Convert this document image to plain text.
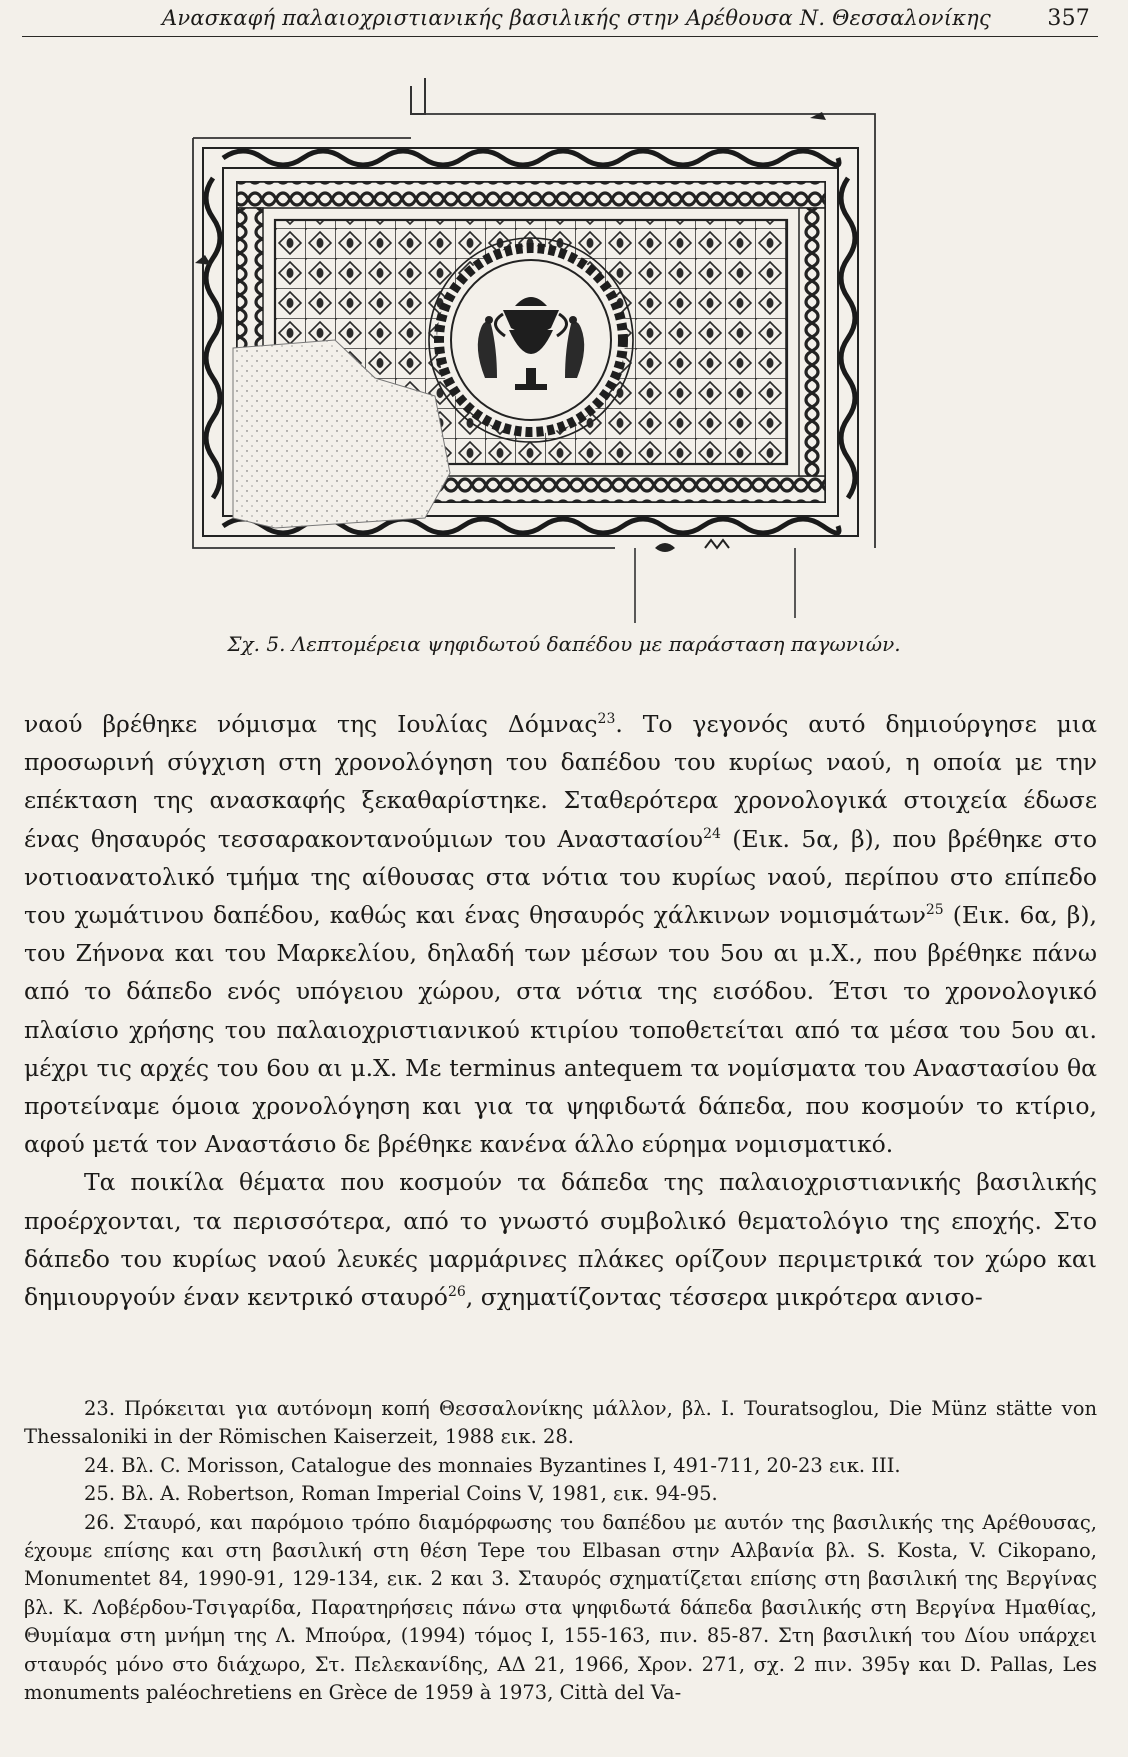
Ανασκαφή παλαιοχριστιανικής βασιλικής στην Αρέθουσα Ν. Θεσσαλονίκης	357
Σχ. 5. Λεπτομέρεια ψηφιδωτού δαπέδου με παράσταση παγωνιών.

ναού βρέθηκε νόμισμα της Ιουλίας Δόμνας$^{23}$. Το γεγονός αυτό δημιούργησε μια προσωρινή σύγχιση στη χρονολόγηση του δαπέδου του κυρίως ναού, η οποία με την επέκταση της ανασκαφής ξεκαθαρίστηκε. Σταθερότερα χρονολογικά στοιχεία έδωσε ένας θησαυρός τεσσαρακοντανούμιων του Αναστασίου$^{24}$ (Εικ. 5α, β), που βρέθηκε στο νοτιοανατολικό τμήμα της αίθουσας στα νότια του κυρίως ναού, περίπου στο επίπεδο του χωμάτινου δαπέδου, καθώς και ένας θησαυρός χάλκινων νομισμάτων$^{25}$ (Εικ. 6α, β), του Ζήνονα και του Μαρκελίου, δηλαδή των μέσων του 5ου αι μ.Χ., που βρέθηκε πάνω από το δάπεδο ενός υπόγειου χώρου, στα νότια της εισόδου. Έτσι το χρονολογικό πλαίσιο χρήσης του παλαιοχριστιανικού κτιρίου τοποθετείται από τα μέσα του 5ου αι. μέχρι τις αρχές του 6ου αι μ.Χ. Με terminus antequem τα νομίσματα του Αναστασίου θα προτείναμε όμοια χρονολόγηση και για τα ψηφιδωτά δάπεδα, που κοσμούν το κτίριο, αφού μετά τον Αναστάσιο δε βρέθηκε κανένα άλλο εύρημα νομισματικό.

Τα ποικίλα θέματα που κοσμούν τα δάπεδα της παλαιοχριστιανικής βασιλικής προέρχονται, τα περισσότερα, από το γνωστό συμβολικό θεματολόγιο της εποχής. Στο δάπεδο του κυρίως ναού λευκές μαρμάρινες πλάκες ορίζουν περιμετρικά τον χώρο και δημιουργούν έναν κεντρικό σταυρό$^{26}$, σχηματίζοντας τέσσερα μικρότερα ανισο-

23. Πρόκειται για αυτόνομη κοπή Θεσσαλονίκης μάλλον, βλ. I. Touratsoglou, Die Münz stätte von Thessaloniki in der Römischen Kaiserzeit, 1988 εικ. 28.

24. Βλ. C. Morisson, Catalogue des monnaies Byzantines I, 491-711, 20-23 εικ. III.

25. Βλ. A. Robertson, Roman Imperial Coins V, 1981, εικ. 94-95.

26. Σταυρό, και παρόμοιο τρόπο διαμόρφωσης του δαπέδου με αυτόν της βασιλικής της Αρέθουσας, έχουμε επίσης και στη βασιλική στη θέση Tepe του Elbasan στην Αλβανία βλ. S. Kosta, V. Cikopano, Monumentet 84, 1990-91, 129-134, εικ. 2 και 3. Σταυρός σχηματίζεται επίσης στη βασιλική της Βεργίνας βλ. Κ. Λοβέρδου-Τσιγαρίδα, Παρατηρήσεις πάνω στα ψηφιδωτά δάπεδα βασιλικής στη Βεργίνα Ημαθίας, Θυμίαμα στη μνήμη της Λ. Μπούρα, (1994) τόμος I, 155-163, πιν. 85-87. Στη βασιλική του Δίου υπάρχει σταυρός μόνο στο διάχωρο, Στ. Πελεκανίδης, ΑΔ 21, 1966, Χρον. 271, σχ. 2 πιν. 395γ και D. Pallas, Les monuments paléochretiens en Grèce de 1959 à 1973, Città del Va-
